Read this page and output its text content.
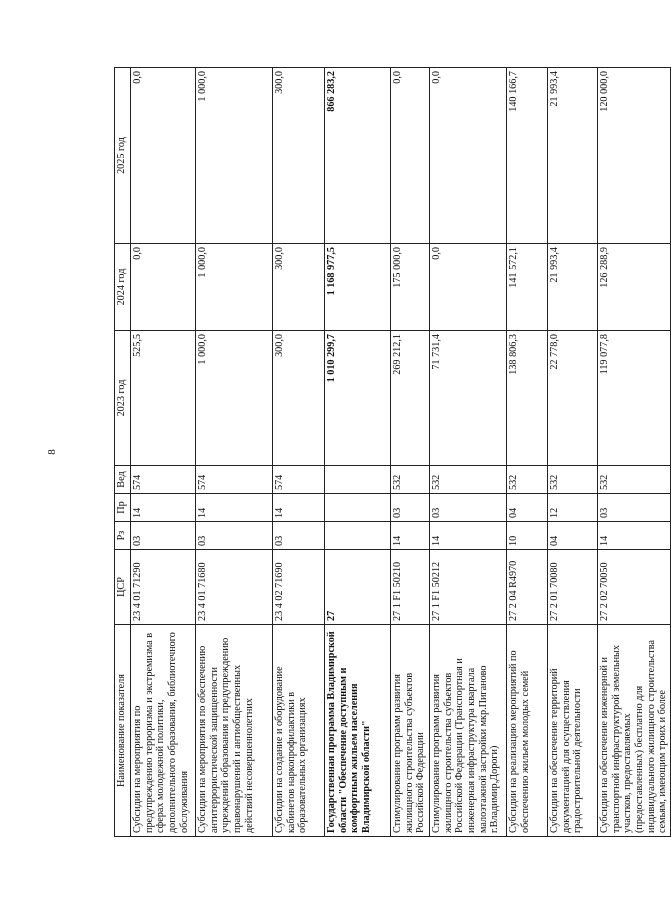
8
Наименование показателя	ЦСР	Рз	Пр	Вед	2023 год	2024 год	2025 год
Субсидии на мероприятия по предупреждению терроризма и экстремизма в сферах молодежной политики, дополнительного образования, библиотечного обслуживания	23 4 01 71290	03	14	574	525,5	0,0	0,0
Субсидии на мероприятия по обеспечению антитеррористической защищенности учреждений образования и предупреждению правонарушений и антиобщественных действий несовершеннолетних	23 4 01 71680	03	14	574	1 000,0	1 000,0	1 000,0
Субсидии на создание и оборудование кабинетов наркопрофилактики в образовательных организациях	23 4 02 71690	03	14	574	300,0	300,0	300,0
Государственная программа Владимирской области "Обеспечение доступным и комфортным жильем населения Владимирской области"	27				1 010 299,7	1 168 977,5	866 283,2
Стимулирование программ развития жилищного строительства субъектов Российской Федерации	27 1 F1 50210	14	03	532	269 212,1	175 000,0	0,0
Стимулирование программ развития жилищного строительства субъектов Российской Федерации (Транспортная и инженерная инфраструктура квартала малоэтажной застройки мкр.Пиганово г.Владимир,Дороги)	27 1 F1 50212	14	03	532	71 731,4	0,0	0,0
Субсидии на реализацию мероприятий по обеспечению жильем молодых семей	27 2 04 R4970	10	04	532	138 806,3	141 572,1	140 166,7
Субсидии на обеспечение территорий документацией для осуществления градостроительной деятельности	27 2 01 70080	04	12	532	22 778,0	21 993,4	21 993,4
Субсидии на обеспечение инженерной и транспортной инфраструктурой земельных участков, предоставляемых (предоставленных) бесплатно для индивидуального жилищного строительства семьям, имеющим троих и более	27 2 02 70050	14	03	532	119 077,8	126 288,9	120 000,0
